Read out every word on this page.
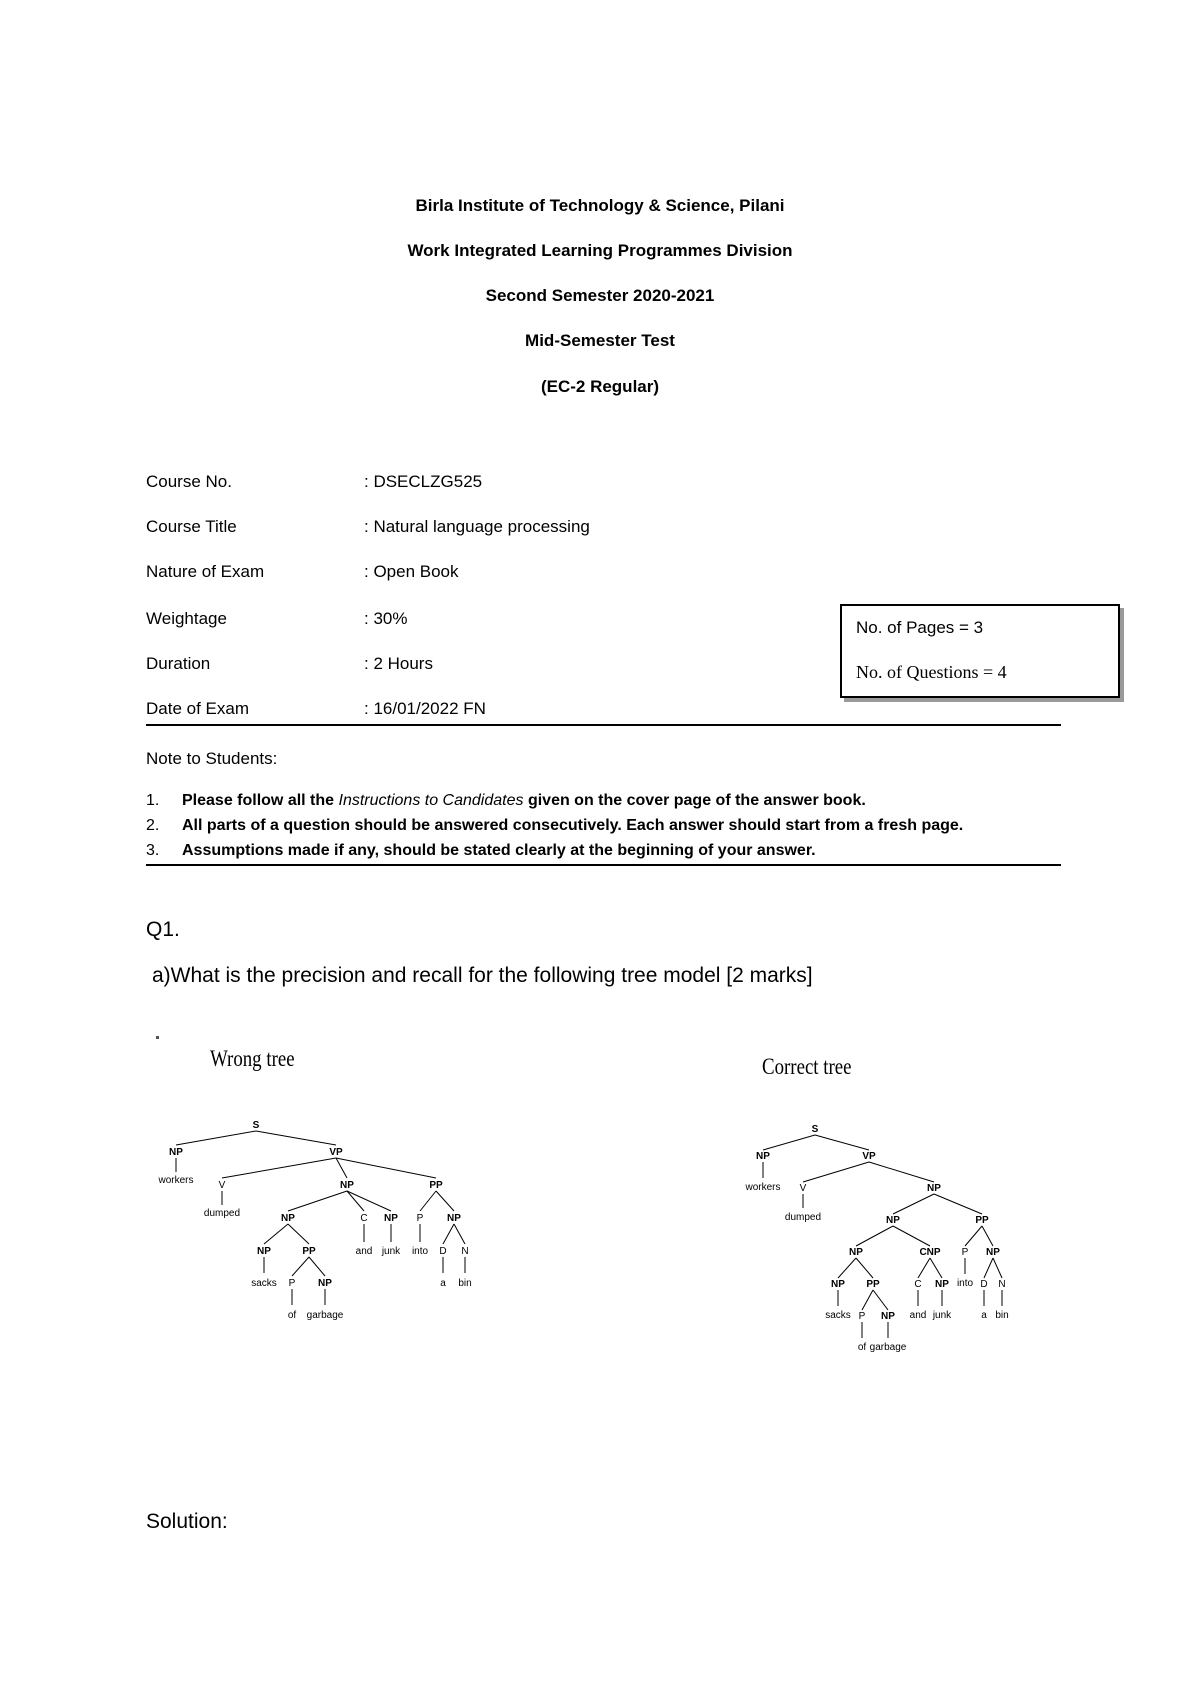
Birla Institute of Technology & Science, Pilani
Work Integrated Learning Programmes Division
Second Semester 2020-2021
Mid-Semester Test
(EC-2 Regular)
Course No.	: DSECLZG525
Course Title	: Natural language processing
Nature of Exam	: Open Book
Weightage	: 30%
Duration	: 2 Hours
Date of Exam	: 16/01/2022 FN
No. of Pages = 3
No. of Questions = 4
Note to Students:
1. Please follow all the Instructions to Candidates given on the cover page of the answer book.
2. All parts of a question should be answered consecutively. Each answer should start from a fresh page.
3. Assumptions made if any, should be stated clearly at the beginning of your answer.
Q1.
a)What is the precision and recall for the following tree model [2 marks]
Wrong tree
S
NP	VP
workers	V	NP	PP
dumped	NP	C NP P NP
NP	PP	and junk into D N
sacks P NP	a bin
of garbage
Correct tree
S
NP	VP
workers V	NP
dumped	NP	PP
NP	CNP P NP
NP PP	C NP into D N
sacks P NP and junk	a bin
of garbage
Solution:
